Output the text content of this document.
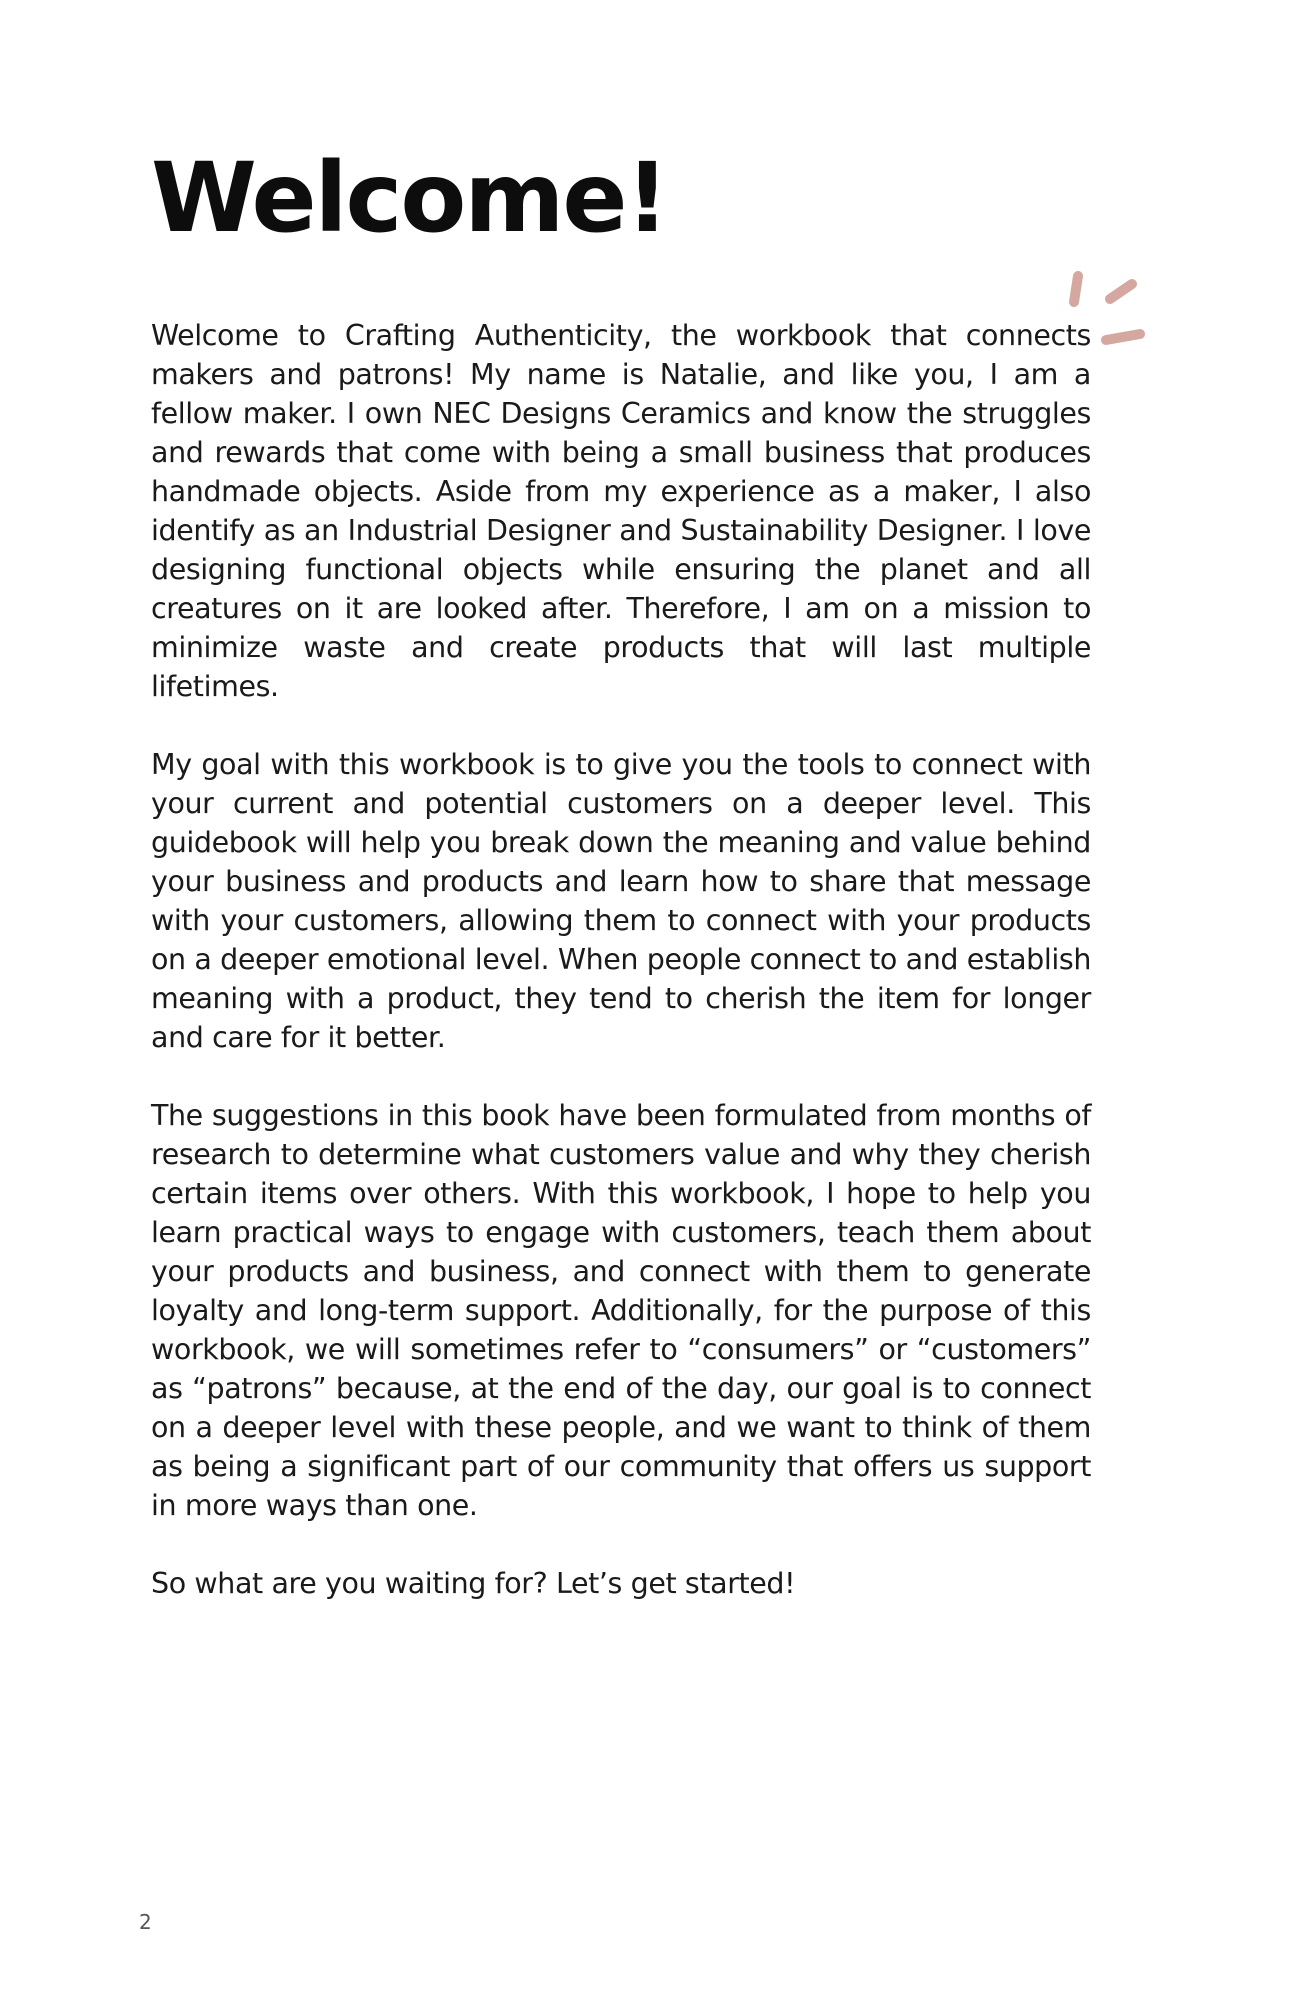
Welcome!

Welcome to Crafting Authenticity, the workbook that connects makers and patrons! My name is Natalie, and like you, I am a fellow maker. I own NEC Designs Ceramics and know the struggles and rewards that come with being a small business that produces handmade objects. Aside from my experience as a maker, I also identify as an Industrial Designer and Sustainability Designer. I love designing functional objects while ensuring the planet and all creatures on it are looked after. Therefore, I am on a mission to minimize waste and create products that will last multiple lifetimes.

My goal with this workbook is to give you the tools to connect with your current and potential customers on a deeper level. This guidebook will help you break down the meaning and value behind your business and products and learn how to share that message with your customers, allowing them to connect with your products on a deeper emotional level. When people connect to and establish meaning with a product, they tend to cherish the item for longer and care for it better.

The suggestions in this book have been formulated from months of research to determine what customers value and why they cherish certain items over others. With this workbook, I hope to help you learn practical ways to engage with customers, teach them about your products and business, and connect with them to generate loyalty and long-term support. Additionally, for the purpose of this workbook, we will sometimes refer to “consumers” or “customers” as “patrons” because, at the end of the day, our goal is to connect on a deeper level with these people, and we want to think of them as being a significant part of our community that offers us support in more ways than one.

So what are you waiting for? Let’s get started!

2
